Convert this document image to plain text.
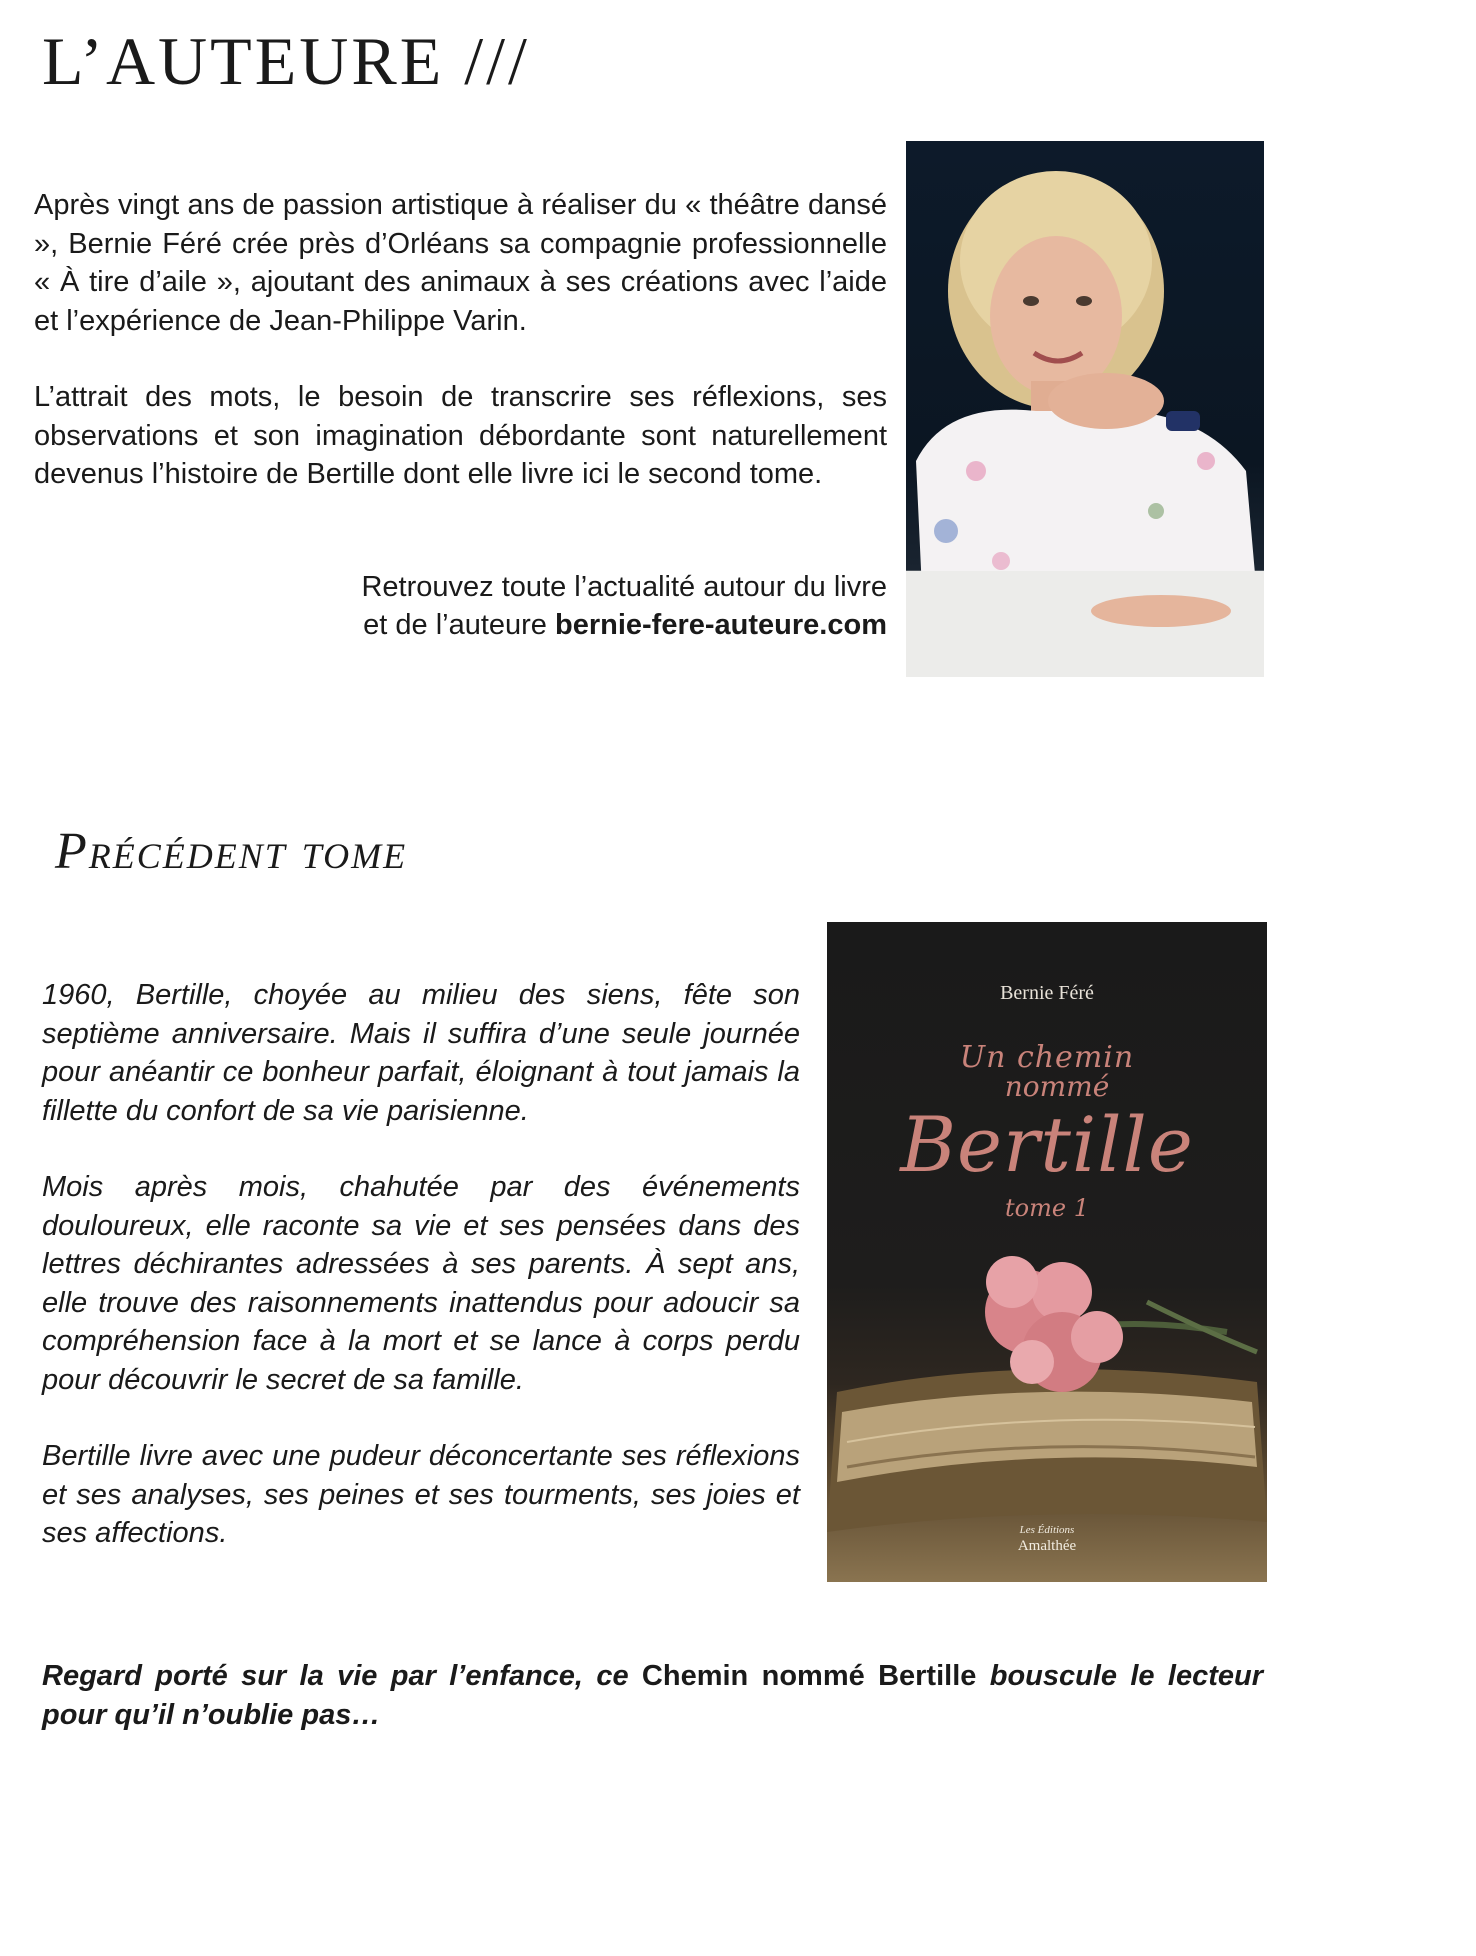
L’AUTEURE ///

Après vingt ans de passion artistique à réaliser du « théâtre dansé », Bernie Féré crée près d’Orléans sa compagnie professionnelle « À tire d’aile », ajoutant des animaux à ses créations avec l’aide et l’expérience de Jean-Philippe Varin.

L’attrait des mots, le besoin de transcrire ses réflexions, ses observations et son imagination débordante sont naturellement devenus l’histoire de Bertille dont elle livre ici le second tome.

Retrouvez toute l’actualité autour du livre
et de l’auteure bernie-fere-auteure.com
Précédent tome

1960, Bertille, choyée au milieu des siens, fête son septième anniversaire. Mais il suffira d’une seule journée pour anéantir ce bonheur parfait, éloignant à tout jamais la fillette du confort de sa vie parisienne.

Mois après mois, chahutée par des événements douloureux, elle raconte sa vie et ses pensées dans des lettres déchirantes adressées à ses parents. À sept ans, elle trouve des raisonnements inattendus pour adoucir sa compréhension face à la mort et se lance à corps perdu pour découvrir le secret de sa famille.

Bertille livre avec une pudeur déconcertante ses réflexions et ses analyses, ses peines et ses tourments, ses joies et ses affections.

Bernie Féré
Un chemin
nommé
Bertille
tome 1
Les Éditions
Amalthée
Regard porté sur la vie par l’enfance, ce Chemin nommé Bertille bouscule le lecteur pour qu’il n’oublie pas…
